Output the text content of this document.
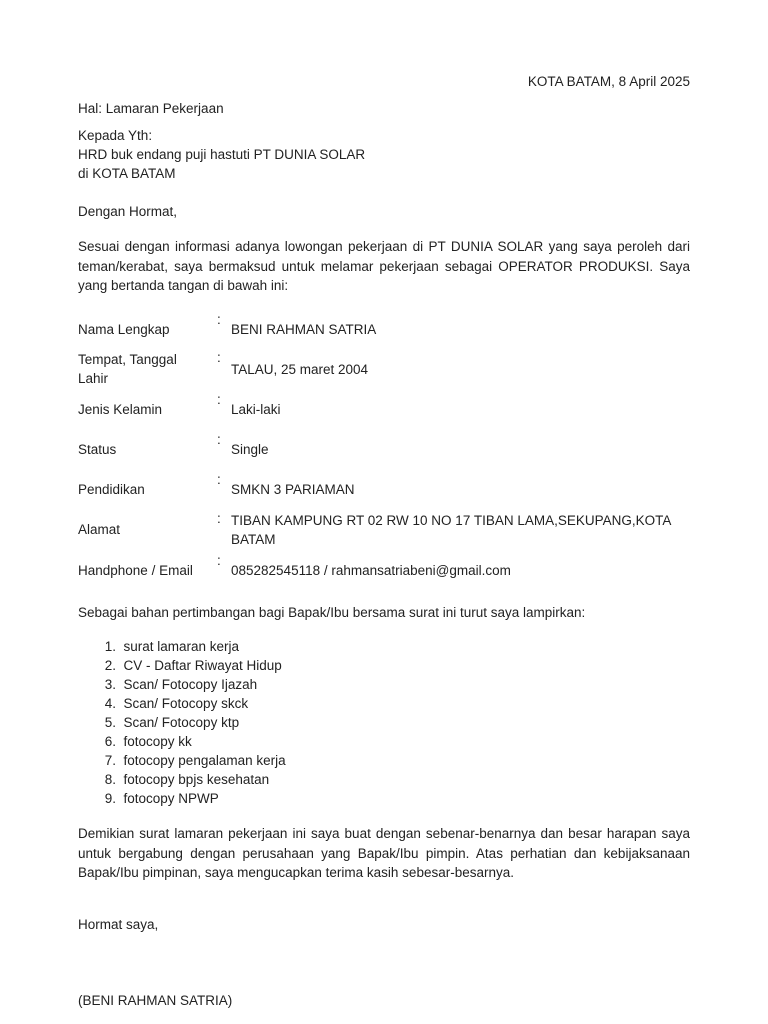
KOTA BATAM, 8 April 2025
Hal: Lamaran Pekerjaan
Kepada Yth:
HRD buk endang puji hastuti PT DUNIA SOLAR
di KOTA BATAM
Dengan Hormat,
Sesuai dengan informasi adanya lowongan pekerjaan di PT DUNIA SOLAR yang saya peroleh dari teman/kerabat, saya bermaksud untuk melamar pekerjaan sebagai OPERATOR PRODUKSI. Saya yang bertanda tangan di bawah ini:
Nama Lengkap
:
BENI RAHMAN SATRIA
Tempat, Tanggal Lahir
:
TALAU, 25 maret 2004
Jenis Kelamin
:
Laki-laki
Status
:
Single
Pendidikan
:
SMKN 3 PARIAMAN
Alamat
: TIBAN KAMPUNG RT 02 RW 10 NO 17 TIBAN LAMA,SEKUPANG,KOTA BATAM
Handphone / Email
:
085282545118 / rahmansatriabeni@gmail.com
Sebagai bahan pertimbangan bagi Bapak/Ibu bersama surat ini turut saya lampirkan:
1. surat lamaran kerja
2. CV - Daftar Riwayat Hidup
3. Scan/ Fotocopy Ijazah
4. Scan/ Fotocopy skck
5. Scan/ Fotocopy ktp
6. fotocopy kk
7. fotocopy pengalaman kerja
8. fotocopy bpjs kesehatan
9. fotocopy NPWP
Demikian surat lamaran pekerjaan ini saya buat dengan sebenar-benarnya dan besar harapan saya untuk bergabung dengan perusahaan yang Bapak/Ibu pimpin. Atas perhatian dan kebijaksanaan Bapak/Ibu pimpinan, saya mengucapkan terima kasih sebesar-besarnya.
Hormat saya,
(BENI RAHMAN SATRIA)
